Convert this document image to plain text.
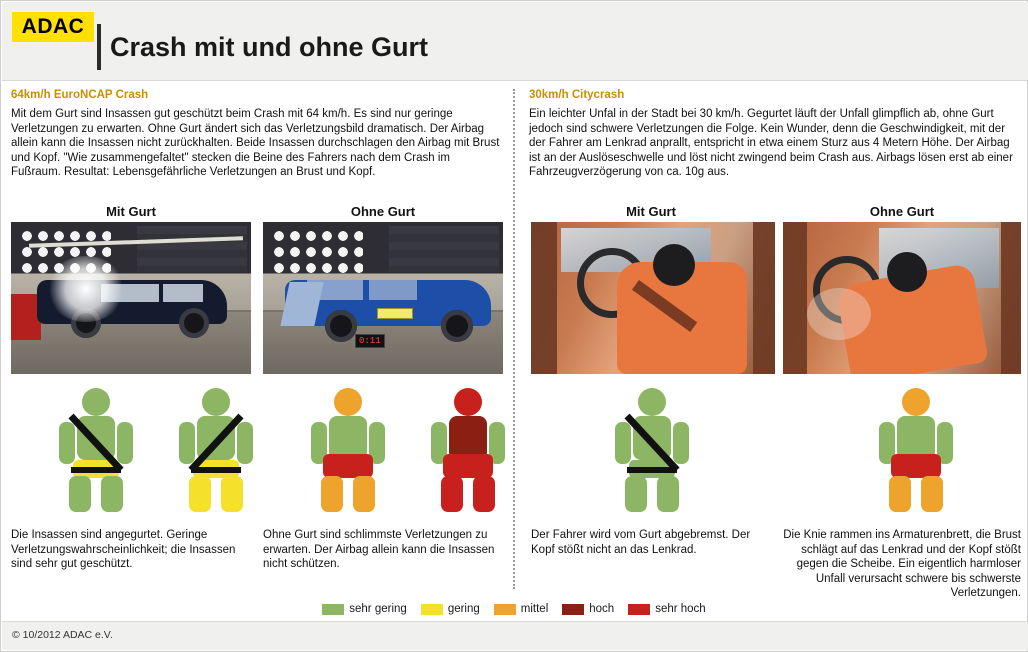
ADAC
Crash mit und ohne Gurt
64km/h EuroNCAP Crash

Mit dem Gurt sind Insassen gut geschützt beim Crash mit 64 km/h. Es sind nur geringe Verletzungen zu erwarten. Ohne Gurt ändert sich das Verletzungsbild dramatisch. Der Airbag allein kann die Insassen nicht zurückhalten. Beide Insassen durchschlagen den Airbag mit Brust und Kopf. "Wie zusammengefaltet" stecken die Beine des Fahrers nach dem Crash im Fußraum. Resultat: Lebensgefährliche Verletzungen an Brust und Kopf.

30km/h Citycrash

Ein leichter Unfal in der Stadt bei 30 km/h. Gegurtet läuft der Unfall glimpflich ab, ohne Gurt jedoch sind schwere Verletzungen die Folge. Kein Wunder, denn die Geschwindigkeit, mit der der Fahrer am Lenkrad anprallt, entspricht in etwa einem Sturz aus 4 Metern Höhe. Der Airbag ist an der Auslöseschwelle und löst nicht zwingend beim Crash aus. Airbags lösen erst ab einer Fahrzeugverzögerung von ca. 10g aus.

Mit Gurt	Ohne Gurt	Mit Gurt	Ohne Gurt
0:11
Die Insassen sind angegurtet. Geringe Verletzungswahrscheinlichkeit; die Insassen sind sehr gut geschützt.
Ohne Gurt sind schlimmste Verletzungen zu erwarten. Der Airbag allein kann die Insassen nicht schützen.
Der Fahrer wird vom Gurt abgebremst. Der Kopf stößt nicht an das Lenkrad.
Die Knie rammen ins Armaturenbrett, die Brust schlägt auf das Lenkrad und der Kopf stößt gegen die Scheibe. Ein eigentlich harmloser Unfall verursacht schwere bis schwerste Verletzungen.
sehr gering	gering	mittel	hoch	sehr hoch
© 10/2012 ADAC e.V.
